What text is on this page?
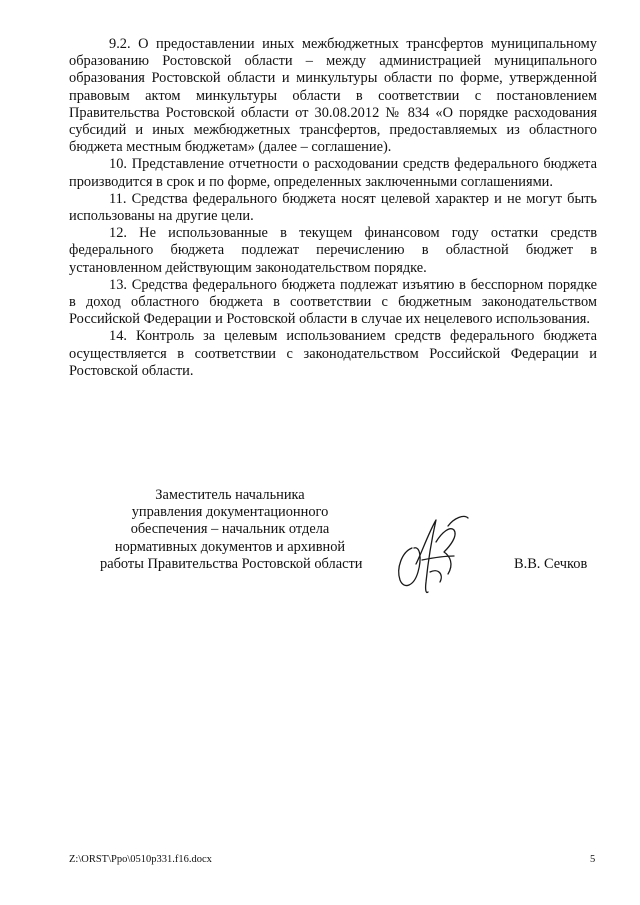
9.2. О предоставлении иных межбюджетных трансфертов муниципальному образованию Ростовской области – между администрацией муниципального образования Ростовской области и минкультуры области по форме, утвержденной правовым актом минкультуры области в соответствии с постановлением Правительства Ростовской области от 30.08.2012 № 834 «О порядке расходования субсидий и иных межбюджетных трансфертов, предоставляемых из областного бюджета местным бюджетам» (далее – соглашение).

10. Представление отчетности о расходовании средств федерального бюджета производится в срок и по форме, определенных заключенными соглашениями.

11. Средства федерального бюджета носят целевой характер и не могут быть использованы на другие цели.

12. Не использованные в текущем финансовом году остатки средств федерального бюджета подлежат перечислению в областной бюджет в установленном действующим законодательством порядке.

13. Средства федерального бюджета подлежат изъятию в бесспорном порядке в доход областного бюджета в соответствии с бюджетным законодательством Российской Федерации и Ростовской области в случае их нецелевого использования.

14. Контроль за целевым использованием средств федерального бюджета осуществляется в соответствии с законодательством Российской Федерации и Ростовской области.

Заместитель начальника
управления документационного
обеспечения – начальник отдела
нормативных документов и архивной
работы Правительства Ростовской области	В.В. Сечков
Z:\ORST\Ppo\0510p331.f16.docx	5
